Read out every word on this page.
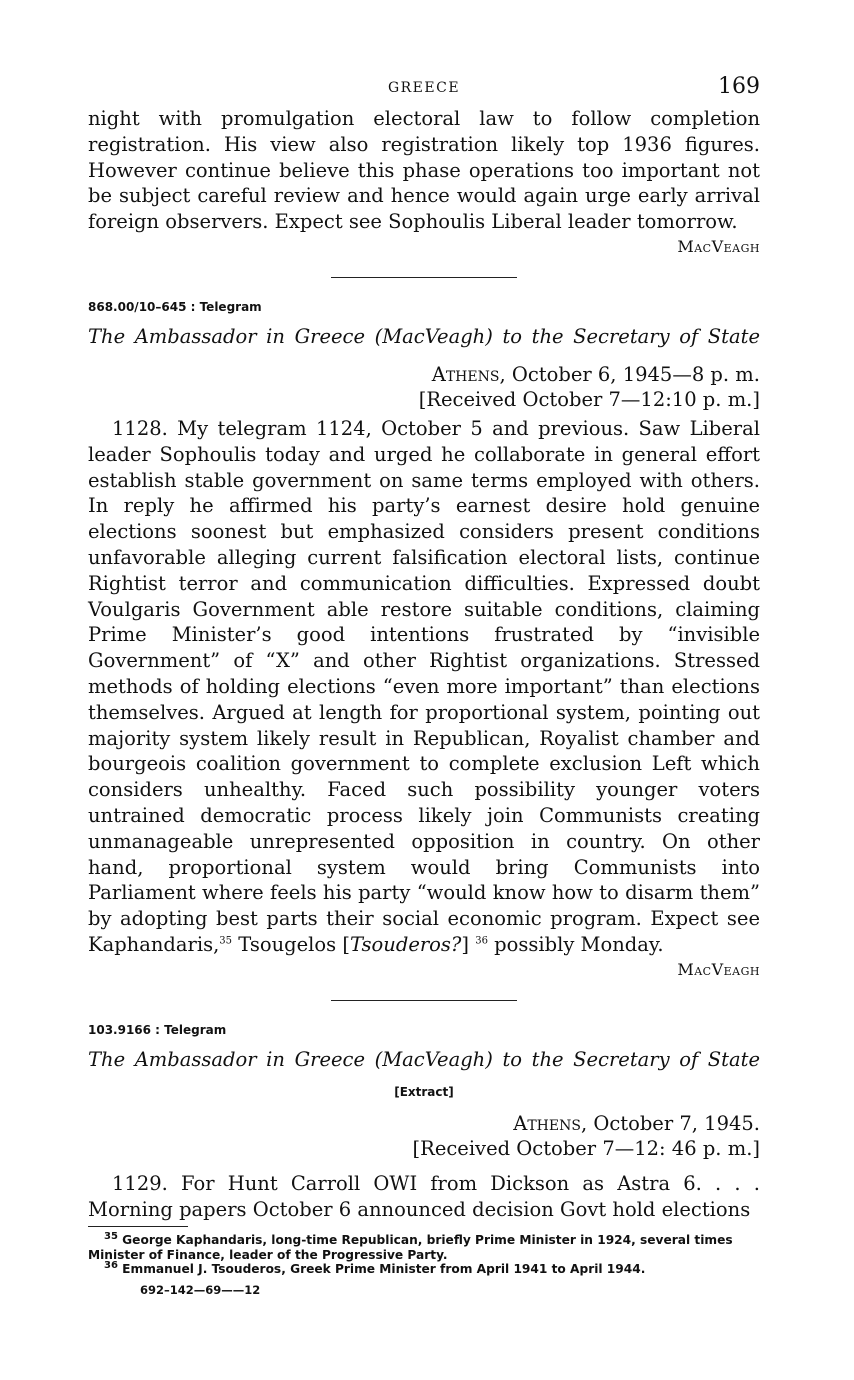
GREECE	169

night with promulgation electoral law to follow completion registration. His view also registration likely top 1936 figures. However continue believe this phase operations too important not be subject careful review and hence would again urge early arrival foreign observers. Expect see Sophoulis Liberal leader tomorrow.

MacVeagh

868.00/10–645 : Telegram

The Ambassador in Greece (MacVeagh) to the Secretary of State

Athens, October 6, 1945—8 p. m.

[Received October 7—12:10 p. m.]

1128. My telegram 1124, October 5 and previous. Saw Liberal leader Sophoulis today and urged he collaborate in general effort establish stable government on same terms employed with others. In reply he affirmed his party’s earnest desire hold genuine elections soonest but emphasized considers present conditions unfavorable alleging current falsification electoral lists, continue Rightist terror and communication difficulties. Expressed doubt Voulgaris Government able restore suitable conditions, claiming Prime Minister’s good intentions frustrated by “invisible Government” of “X” and other Rightist organizations. Stressed methods of holding elections “even more important” than elections themselves. Argued at length for proportional system, pointing out majority system likely result in Republican, Royalist chamber and bourgeois coalition government to complete exclusion Left which considers unhealthy. Faced such possibility younger voters untrained democratic process likely join Communists creating unmanageable unrepresented opposition in country. On other hand, proportional system would bring Communists into Parliament where feels his party “would know how to disarm them” by adopting best parts their social economic program. Expect see Kaphandaris,$^{35}$ Tsougelos [Tsouderos?] $^{36}$ possibly Monday.

MacVeagh

103.9166 : Telegram

The Ambassador in Greece (MacVeagh) to the Secretary of State

[Extract]

Athens, October 7, 1945.

[Received October 7—12: 46 p. m.]

1129. For Hunt Carroll OWI from Dickson as Astra 6. . . . Morning papers October 6 announced decision Govt hold elections

$^{35}$ George Kaphandaris, long-time Republican, briefly Prime Minister in 1924, several times Minister of Finance, leader of the Progressive Party.

$^{36}$ Emmanuel J. Tsouderos, Greek Prime Minister from April 1941 to April 1944.

692–142—69——12
